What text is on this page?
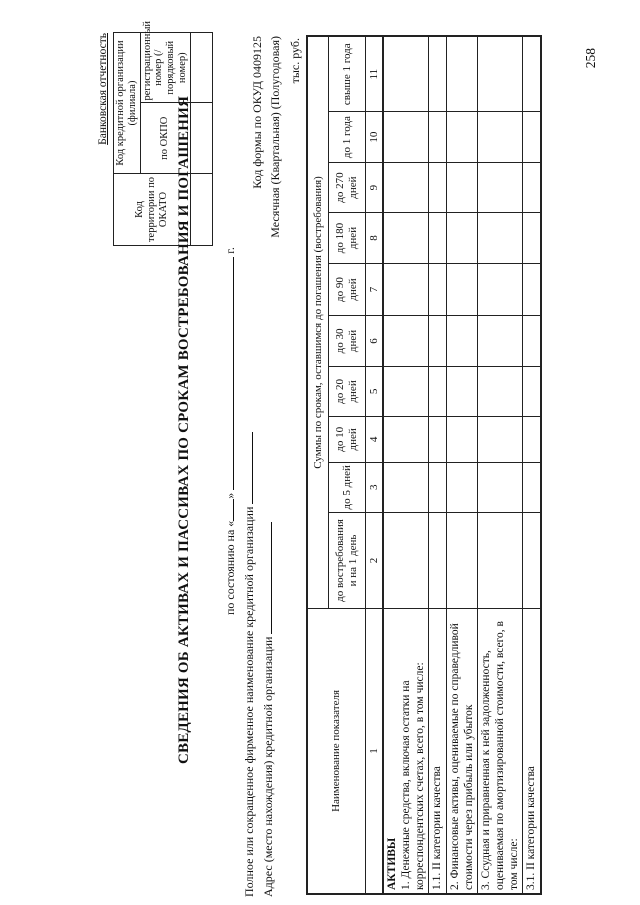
Банковская отчетность
Код территории по ОКАТО	Код кредитной организации (филиала)	
	по ОКПО	регистрационный номер (/порядковый номер)

СВЕДЕНИЯ ОБ АКТИВАХ И ПАССИВАХ ПО СРОКАМ ВОСТРЕБОВАНИЯ И ПОГАШЕНИЯ	по состоянию на «»  г.
Полное или сокращенное фирменное наименование кредитной организации Адрес (место нахождения) кредитной организации
Код формы по ОКУД 0409125 Месячная (Квартальная) (Полугодовая) тыс. руб.
Наименование показателя	Суммы по срокам, оставшимся до погашения (востребования)									
	до востребования и на 1 день	до 5 дней	до 10 дней	до 20 дней	до 30 дней	до 90 дней	до 180 дней	до 270 дней	до 1 года	свыше 1 года
1	2	3	4	5	6	7	8	9	10	11

АКТИВЫ 1. Денежные средства, включая остатки на корреспондентских счетах, всего, в том числе:										

1.1. II категории качества										

2. Финансовые активы, оцениваемые по справедливой стоимости через прибыль или убыток										

3. Ссудная и приравненная к ней задолженность, оцениваемая по амортизированной стоимости, всего, в том числе:										

3.1. II категории качества										

258
